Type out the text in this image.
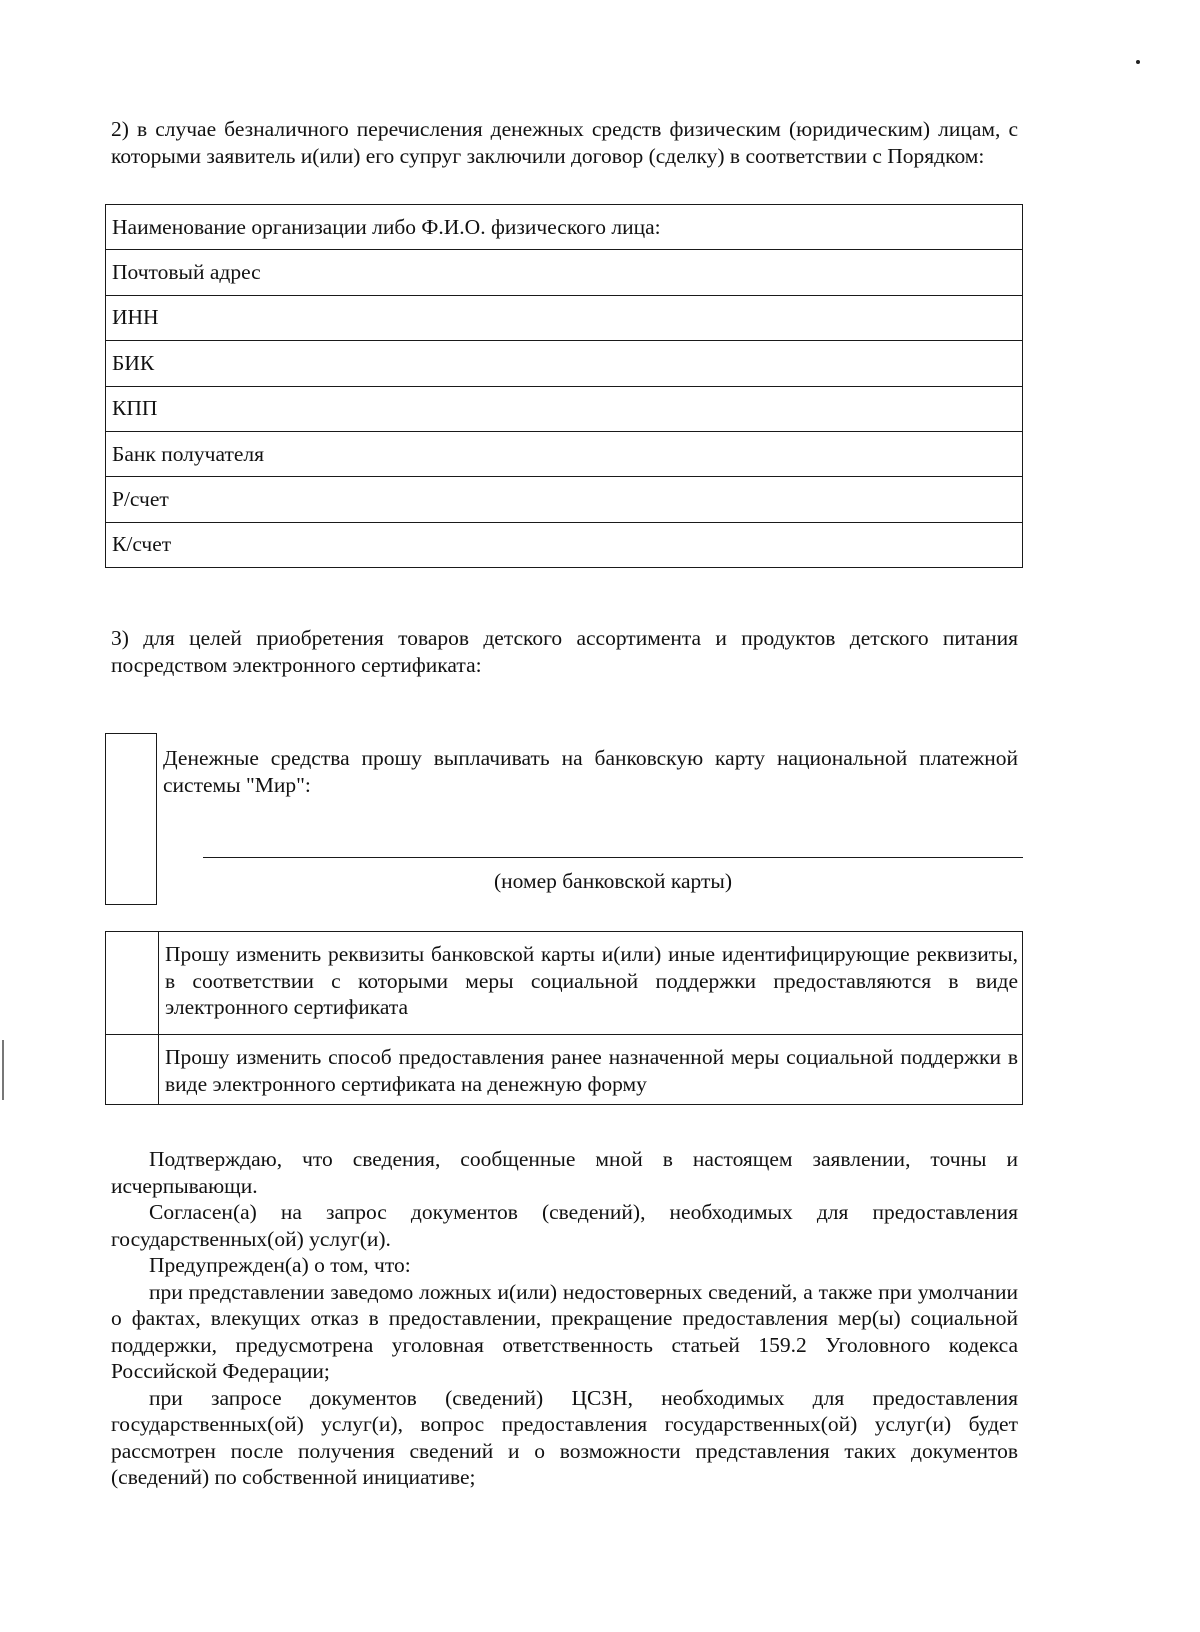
2) в случае безналичного перечисления денежных средств физическим (юридическим) лицам, с которыми заявитель и(или) его супруг заключили договор (сделку) в соответствии с Порядком:
Наименование организации либо Ф.И.О. физического лица:
Почтовый адрес
ИНН
БИК
КПП
Банк получателя
Р/счет
К/счет
3) для целей приобретения товаров детского ассортимента и продуктов детского питания посредством электронного сертификата:
Денежные средства прошу выплачивать на банковскую карту национальной платежной системы "Мир":
(номер банковской карты)
	Прошу изменить реквизиты банковской карты и(или) иные идентифицирующие реквизиты, в соответствии с которыми меры социальной поддержки предоставляются в виде электронного сертификата
	Прошу изменить способ предоставления ранее назначенной меры социальной поддержки в виде электронного сертификата на денежную форму

Подтверждаю, что сведения, сообщенные мной в настоящем заявлении, точны и исчерпывающи.

Согласен(а) на запрос документов (сведений), необходимых для предоставления государственных(ой) услуг(и).

Предупрежден(а) о том, что:

при представлении заведомо ложных и(или) недостоверных сведений, а также при умолчании о фактах, влекущих отказ в предоставлении, прекращение предоставления мер(ы) социальной поддержки, предусмотрена уголовная ответственность статьей 159.2 Уголовного кодекса Российской Федерации;

при запросе документов (сведений) ЦСЗН, необходимых для предоставления государственных(ой) услуг(и), вопрос предоставления государственных(ой) услуг(и) будет рассмотрен после получения сведений и о возможности представления таких документов (сведений) по собственной инициативе;
